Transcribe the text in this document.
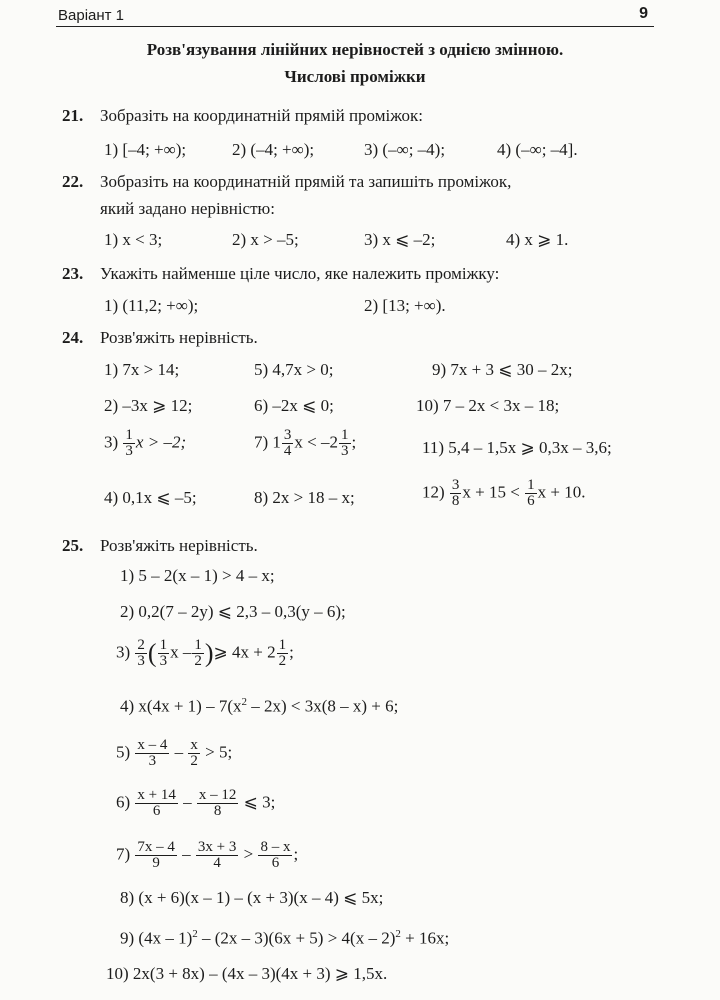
Варіант 1	9
Розв'язування лінійних нерівностей з однією змінною.
Числові проміжки
21. Зобразіть на координатній прямій проміжок:
1) [–4; +∞);	2) (–4; +∞);	3) (–∞; –4);	4) (–∞; –4].
22. Зобразіть на координатній прямій та запишіть проміжок,
який задано нерівністю:
1) x < 3;	2) x > –5;	3) x ⩽ –2;	4) x ⩾ 1.
23. Укажіть найменше ціле число, яке належить проміжку:
1) (11,2; +∞);	2) [13; +∞).
24. Розв'яжіть нерівність.
1) 7x > 14;	5) 4,7x > 0;	9) 7x + 3 ⩽ 30 – 2x;
2) –3x ⩾ 12;	6) –2x ⩽ 0;	10) 7 – 2x < 3x – 18;
$3) \frac{1}{3}$ x > –2;	7) $1 \frac{3}{4}$ $x < -2 \frac{1}{3}$ ;	11) 5,4 – 1,5x ⩾ 0,3x – 3,6;
4) 0,1x ⩽ –5;	8) 2x > 18 – x;	$12) \frac{3}{8}$ $x + 15 < \frac{1}{6}$ x + 10.
25. Розв'яжіть нерівність.
1) 5 – 2(x – 1) > 4 – x;
2) 0,2(7 – 2y) ⩽ 2,3 – 0,3(y – 6);
$3) \frac{2}{3}$ ( $\frac{1}{3}$ x – $\frac{1}{2}$ )⩾ $4x + 2 \frac{1}{2}$ ;
4) $x(4x + 1) - 7(x^2 - 2x) < 3x(8 - x) + 6$;
$5) \frac{x - 4}{3} - \frac{x}{2} > 5$;
$6) \frac{x + 14}{6} - \frac{x - 12}{8}$ ⩽ 3;
$7) \frac{7x - 4}{9} - \frac{3x + 3}{4} > \frac{8 - x}{6}$ ;
8) (x + 6)(x – 1) – (x + 3)(x – 4) ⩽ 5x;
9) (4x – 1)$^2$ – (2x – 3)(6x + 5) > 4(x – 2)$^2$ + 16x;
10) 2x(3 + 8x) – (4x – 3)(4x + 3) ⩾ 1,5x.
